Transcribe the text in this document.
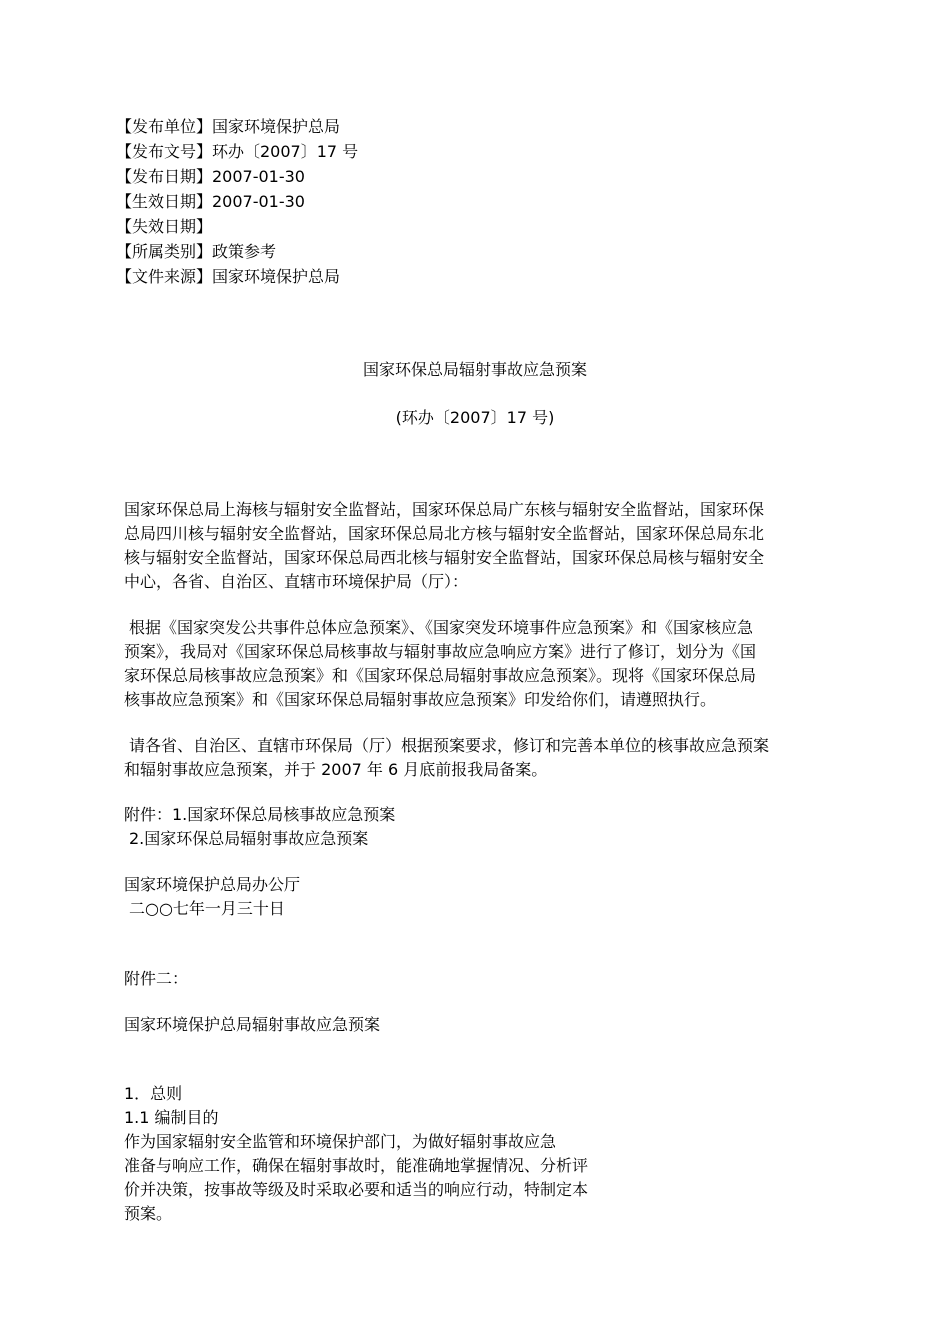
【发布单位】国家环境保护总局
【发布文号】环办〔2007〕17 号
【发布日期】2007-01-30
【生效日期】2007-01-30
【失效日期】
【所属类别】政策参考
【文件来源】国家环境保护总局
国家环保总局辐射事故应急预案
(环办〔2007〕17 号)
国家环保总局上海核与辐射安全监督站，国家环保总局广东核与辐射安全监督站，国家环保
总局四川核与辐射安全监督站，国家环保总局北方核与辐射安全监督站，国家环保总局东北
核与辐射安全监督站，国家环保总局西北核与辐射安全监督站，国家环保总局核与辐射安全
中心，各省、自治区、直辖市环境保护局（厅）：
根据《国家突发公共事件总体应急预案》、《国家突发环境事件应急预案》和《国家核应急
预案》，我局对《国家环保总局核事故与辐射事故应急响应方案》进行了修订，划分为《国
家环保总局核事故应急预案》和《国家环保总局辐射事故应急预案》。现将《国家环保总局
核事故应急预案》和《国家环保总局辐射事故应急预案》印发给你们，请遵照执行。
请各省、自治区、直辖市环保局（厅）根据预案要求，修订和完善本单位的核事故应急预案
和辐射事故应急预案，并于 2007 年 6 月底前报我局备案。
附件：1.国家环保总局核事故应急预案
2.国家环保总局辐射事故应急预案
国家环境保护总局办公厅
二○○七年一月三十日
附件二：
国家环境保护总局辐射事故应急预案
1．总则
1.1 编制目的
作为国家辐射安全监管和环境保护部门，为做好辐射事故应急
准备与响应工作，确保在辐射事故时，能准确地掌握情况、分析评
价并决策，按事故等级及时采取必要和适当的响应行动，特制定本
预案。
